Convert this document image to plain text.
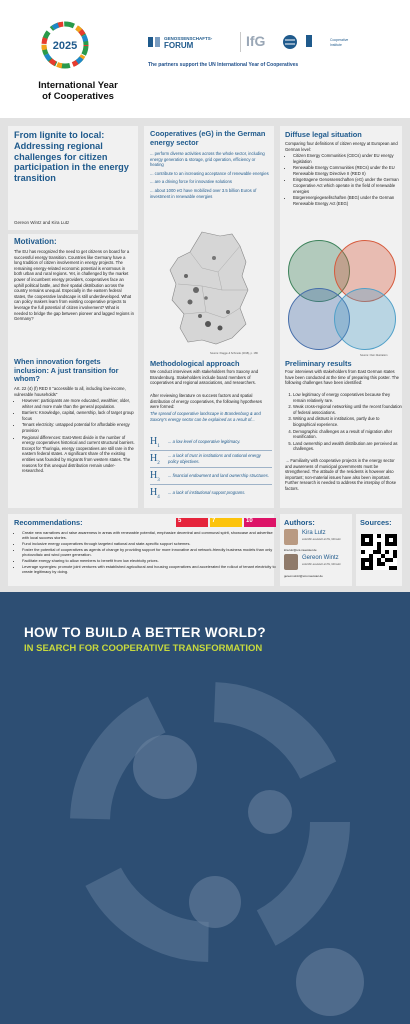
2025
International Year
of Cooperatives
GENOSSENSCHAFTS-
FORUM	IfG	Cooperative
Institute
The partners support the UN International Year of Cooperatives
From lignite to local: Addressing regional challenges for citizen participation in the energy transition
Gereon Wintz and Kira Lutz
Motivation:
The EU has recognized the need to get citizens on board for a successful energy transition. Countries like Germany have a long tradition of citizen involvement in energy projects. The remaining energy-related economic potential is enormous in both urban and rural regions. Yet, in challenged by the market power of incumbent energy providers, cooperatives face an uphill political battle, and their spatial distribution across the country remains unequal. Especially in the eastern federal states, the cooperative landscape is still underdeveloped. What can policy makers learn from existing cooperative projects to leverage the full potential of citizen involvement? What is needed to bridge the gap between pioneer and lagged regions in Germany?
Cooperatives (eG) in the German energy sector
... perform diverse activities across the whole sector, including energy generation & storage, grid operation, efficiency or heating
... contribute to an increasing acceptance of renewable energies
... are a driving force for innovative solutions
... about 1000 eG have mobilized over 3.5 billion Euros of investment in renewable energies
Source: Klagge & Schmole (2018), p. 186
Diffuse legal situation
Comparing four definitions of citizen energy at European and German level:
• Citizen Energy Communities (CECs) under EU energy legislation
• Renewable Energy Communities (RECs) under the EU Renewable Energy Directive II (RED II)
• Eingetragene Genossenschaften (eG) under the German Cooperative Act which operate in the field of renewable energies
• Bürgerenergiegesellschaften (BEG) under the German Renewable Energy Act (EEG)
When innovation forgets inclusion: A just transition for whom?
Art. 22 (4) (f) RED II "accessible to all, including low-income, vulnerable households"
• However: participants are more educated, wealthier, older, whiter and more male than the general population.
• Barriers: Knowledge, capital, ownership, lack of target group focus
• Tenant electricity: untapped potential for affordable energy provision
• Regional differences: East-West divide in the number of energy cooperatives historical and current structural barriers. Except for Thuringia, energy cooperatives are still rare in the eastern federal states. A significant share of the existing entities was founded by migrants from western states. The reasons for this unequal distribution remain under-researched.
Methodological approach
We conduct interviews with stakeholders from Saxony and Brandenburg. Stakeholders include board members of cooperatives and regional associations, and researchers.
After reviewing literature on success factors and spatial distribution of energy cooperatives, the following hypotheses were formed:
The spread of cooperative landscape in Brandenburg & and Saxony's energy sector can be explained as a result of...
$H_1$
... a low level of cooperative legitimacy.
$H_2$
... a lack of trust in institutions and national energy policy objectives.
$H_3$
... financial endowment and land ownership structures.
$H_4$
... a lack of institutional support programs.
Preliminary results
Four interviews with stakeholders from East German states have been conducted at the time of preparing this poster. The following challenges have been identified:
1. Low legitimacy of energy cooperatives because they remain relatively rare.
2. Weak cross-regional networking until the recent foundation of federal associations.
3. Writing and distrust in institutions, partly due to biographical experience.
4. Demographic challenges as a result of migration after reunification.
5. Land ownership and wealth distribution are perceived as challenges.
→ Familiarity with cooperative projects in the energy sector and awareness of municipal governments must be strengthened. The attitude of the residents is however also important; non-material issues have also been important. Further research is needed to address the interplay of those factors.
Recommendations:	5	7	10
• Create new narratives and raise awareness in areas with renewable potential, emphasize decentral and communal spirit, showcase and advertise with local success stories.
• Fund inclusive energy cooperatives through targeted national and state-specific support schemes.
• Foster the potential of cooperatives as agents of change by providing support for more innovative and network-friendly business models than only photovoltaic and wind power generation.
• Facilitate energy sharing to allow members to benefit from low electricity prices.
• Leverage synergies: promote joint ventures with established agricultural and housing cooperatives and accelerated the rollout of tenant electricity to create legitimacy by doing.
Authors:
Kira Lutz
scientific assistant at IfG, Münster
kira.lutz@uni-muenster.de
Gereon Wintz
scientific assistant at IfG, Münster
gereon.wintz@uni-muenster.de
Sources:
HOW TO BUILD A BETTER WORLD?
IN SEARCH FOR COOPERATIVE TRANSFORMATION
